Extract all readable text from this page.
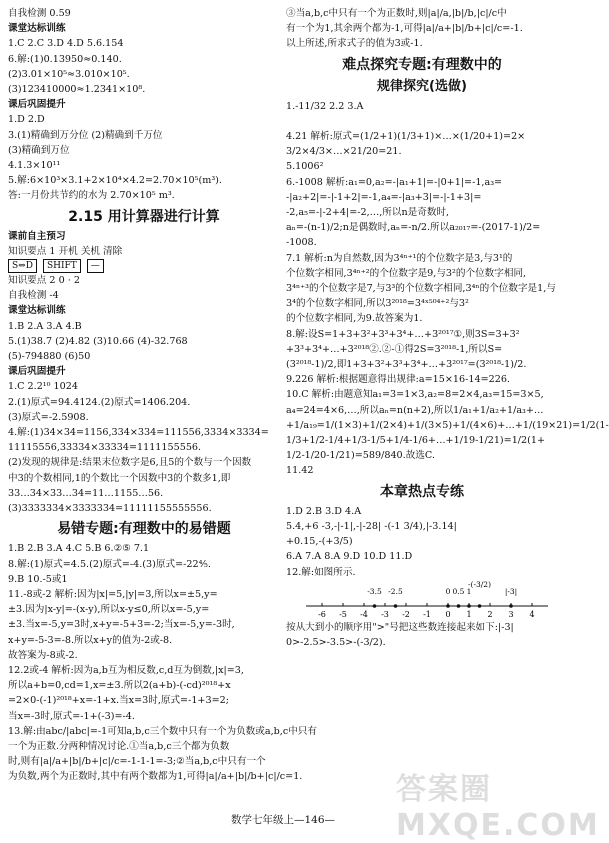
自我检测 0.59
课堂达标训练
1.C 2.C 3.D 4.D 5.6.154
6.解:(1)0.13950≈0.140.
(2)3.01×10⁵≈3.010×10⁵.
(3)123410000≈1.2341×10⁸.
课后巩固提升
1.D 2.D
3.(1)精确到万分位 (2)精确到千万位
(3)精确到万位
4.1.3×10¹¹
5.解:6×10³×3.1+2×10⁴×4.2=2.70×10⁵(m³).
答:一月份共节约的水为 2.70×10⁵ m³.
2.15 用计算器进行计算
课前自主预习
知识要点 1 开机 关机 清除
S⇔D	SHIFT	—
知识要点 2 0 · 2
自我检测 -4
课堂达标训练
1.B 2.A 3.A 4.B
5.(1)38.7 (2)4.82 (3)10.66 (4)-32.768
(5)-794880 (6)50
课后巩固提升
1.C 2.2¹⁰ 1024
2.(1)原式=94.4124.(2)原式=1406.204.
(3)原式=-2.5908.
4.解:(1)34×34=1156,334×334=111556,3334×3334=
11115556,33334×33334=1111155556.
(2)发现的规律是:结果末位数字是6,且5的个数与一个因数
中3的个数相同,1的个数比一个因数中3的个数多1,即
33…34×33…34=11…1155…56.
(3)3333334×3333334=11111155555556.
易错专题:有理数中的易错题
1.B 2.B 3.A 4.C 5.B 6.②⑤ 7.1
8.解:(1)原式=4.5.(2)原式=-4.(3)原式=-22⁴⁄₅.
9.B 10.-5或1
11.-8或-2 解析:因为|x|=5,|y|=3,所以x=±5,y=
±3.因为|x-y|=-(x-y),所以x-y≤0,所以x=-5,y=
±3.当x=-5,y=3时,x+y=-5+3=-2;当x=-5,y=-3时,
x+y=-5-3=-8.所以x+y的值为-2或-8.
故答案为-8或-2.
12.2或-4 解析:因为a,b互为相反数,c,d互为倒数,|x|=3,
所以a+b=0,cd=1,x=±3.所以2(a+b)-(-cd)²⁰¹⁸+x
=2×0-(-1)²⁰¹⁸+x=-1+x.当x=3时,原式=-1+3=2;
当x=-3时,原式=-1+(-3)=-4.
13.解:由abc/|abc|=-1可知a,b,c三个数中只有一个为负数或a,b,c中只有
一个为正数.分两种情况讨论.①当a,b,c三个都为负数
时,则有|a|/a+|b|/b+|c|/c=-1-1-1=-3;②当a,b,c中只有一个
为负数,两个为正数时,其中有两个数都为1,可得|a|/a+|b|/b+|c|/c=1.
③当a,b,c中只有一个为正数时,则|a|/a,|b|/b,|c|/c中
有一个为1,其余两个都为-1,可得|a|/a+|b|/b+|c|/c=-1.
以上所述,所求式子的值为3或-1.
难点探究专题:有理数中的
规律探究(选做)
1.-11/32 2.2 3.A

4.21 解析:原式=(1/2+1)(1/3+1)×…×(1/20+1)=2×
3/2×4/3×…×21/20=21.
5.1006²
6.-1008 解析:a₁=0,a₂=-|a₁+1|=-|0+1|=-1,a₃=
-|a₂+2|=-|-1+2|=-1,a₄=-|a₃+3|=-|-1+3|=
-2,a₅=-|-2+4|=-2,…,所以n是奇数时,
aₙ=-(n-1)/2;n是偶数时,aₙ=-n/2.所以a₂₀₁₇=-(2017-1)/2=
-1008.
7.1 解析:n为自然数,因为3⁴ⁿ⁺¹的个位数字是3,与3¹的
个位数字相同,3⁴ⁿ⁺²的个位数字是9,与3²的个位数字相同,
3⁴ⁿ⁺³的个位数字是7,与3³的个位数字相同,3⁴ⁿ的个位数字是1,与
3⁴的个位数字相同,所以3²⁰¹⁸=3⁴ˣ⁵⁰⁴⁺²与3²
的个位数字相同,为9.故答案为1.
8.解:设S=1+3+3²+3³+3⁴+…+3²⁰¹⁷①,则3S=3+3²
+3³+3⁴+…+3²⁰¹⁸②.②-①得2S=3²⁰¹⁸-1,所以S=
(3²⁰¹⁸-1)/2,即1+3+3²+3³+3⁴+…+3²⁰¹⁷=(3²⁰¹⁸-1)/2.
9.226 解析:根据题意得出规律:a=15×16-14=226.
10.C 解析:由题意知a₁=3=1×3,a₂=8=2×4,a₃=15=3×5,
a₄=24=4×6,…,所以aₙ=n(n+2),所以1/a₁+1/a₂+1/a₃+…
+1/a₁₉=1/(1×3)+1/(2×4)+1/(3×5)+1/(4×6)+…+1/(19×21)=1/2(1-
1/3+1/2-1/4+1/3-1/5+1/4-1/6+…+1/19-1/21)=1/2(1+
1/2-1/20-1/21)=589/840.故选C.
11.42
本章热点专练
1.D 2.B 3.D 4.A
5.4,+6 -3,-|-1|,-|-28| -(-1 3/4),|-3.14|
+0.15,-(+3/5)
6.A 7.A 8.A 9.D 10.D 11.D
12.解:如图所示.
-6 -5 -4 -3 -2 -1 0 1 2 3 4
-(-3/2)
-3.5 -2.5	0 0.5 1	|-3|
按从大到小的顺序用">"号把这些数连接起来如下:|-3|
0>-2.5>-3.5>-(-3/2).
数学七年级上—146—
答案圈 MXQE.COM
